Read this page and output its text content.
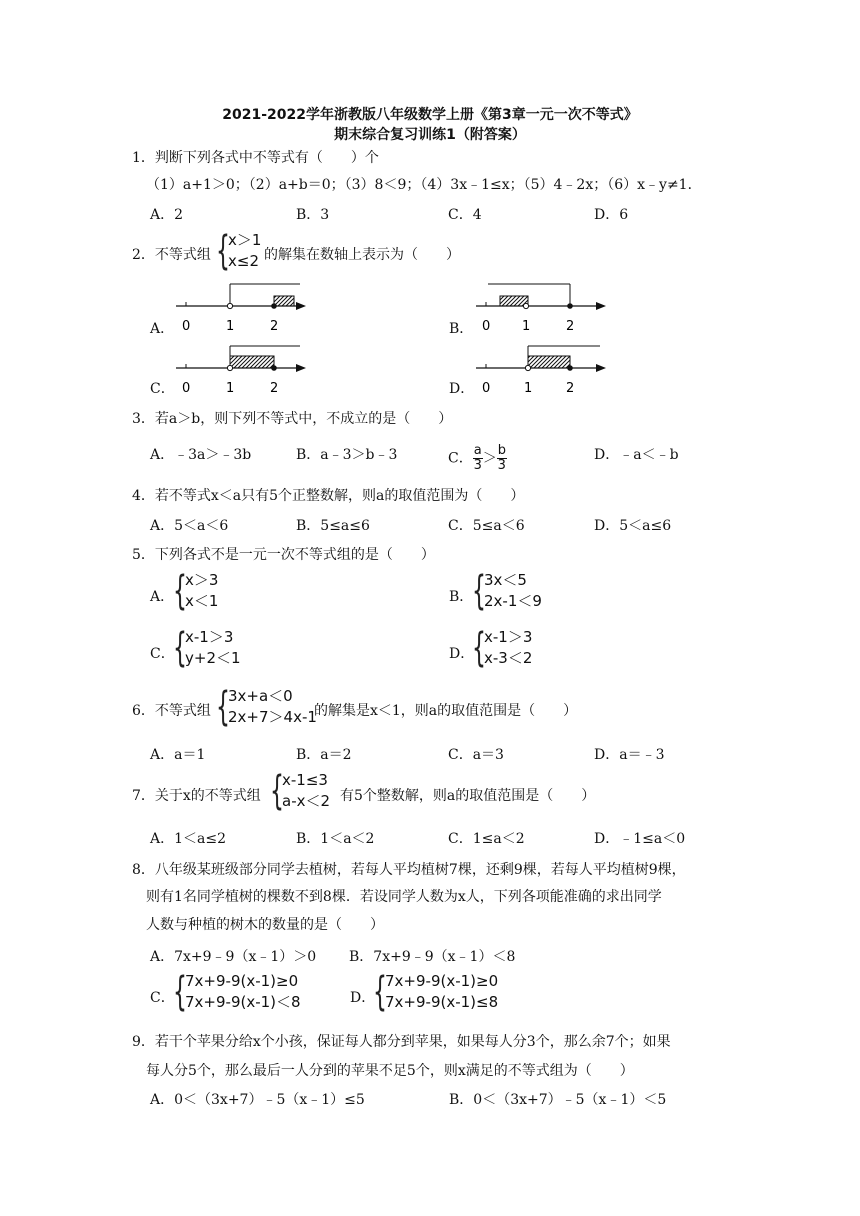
2021-2022学年浙教版八年级数学上册《第3章一元一次不等式》
期末综合复习训练1（附答案）
1．判断下列各式中不等式有（　　）个
（1）a+1＞0；（2）a+b＝0；（3）8＜9；（4）3x﹣1≤x；（5）4﹣2x；（6）x﹣y≠1．
A．2	B．3	C．4	D．6
2．不等式组 {
x＞1
x≤2 的解集在数轴上表示为（　　）
A． 0	1	2	B． 0 1	2
C． 0	1	2	D． 0	1	2
3．若a＞b，则下列不等式中，不成立的是（　　）
A．﹣3a＞﹣3b	B．a﹣3＞b﹣3	C． $\frac{a}{3} > \frac{b}{3}$	D．﹣a＜﹣b
4．若不等式x＜a只有5个正整数解，则a的取值范围为（　　）
A．5＜a＜6	B．5≤a≤6	C．5≤a＜6	D．5＜a≤6
5．下列各式不是一元一次不等式组的是（　　）
A．
{
x＞3
x＜1	B．
{
3x＜5
2x-1＜9
C．
{
x-1＞3
y+2＜1	D．
{
x-1＞3
x-3＜2
6．不等式组 {
3x+a＜0
2x+7＞4x-1
的解集是x＜1，则a的取值范围是（　　）
A．a＝1	B．a＝2	C．a＝3	D．a＝﹣3
7．关于x的不等式组 {
x-1≤3
a-x＜2 有5个整数解，则a的取值范围是（　　）
A．1＜a≤2	B．1＜a＜2	C．1≤a＜2	D．﹣1≤a＜0
8．八年级某班级部分同学去植树，若每人平均植树7棵，还剩9棵，若每人平均植树9棵，
则有1名同学植树的棵数不到8棵．若设同学人数为x人，下列各项能准确的求出同学
人数与种植的树木的数量的是（　　）
A．7x+9﹣9（x﹣1）＞0 B．7x+9﹣9（x﹣1）＜8
C．
{
7x+9-9(x-1)≥0
7x+9-9(x-1)＜8	D．
{
7x+9-9(x-1)≥0
7x+9-9(x-1)≤8
9．若干个苹果分给x个小孩，保证每人都分到苹果，如果每人分3个，那么余7个；如果
每人分5个，那么最后一人分到的苹果不足5个，则x满足的不等式组为（　　）
A．0＜（3x+7）﹣5（x﹣1）≤5	B．0＜（3x+7）﹣5（x﹣1）＜5
